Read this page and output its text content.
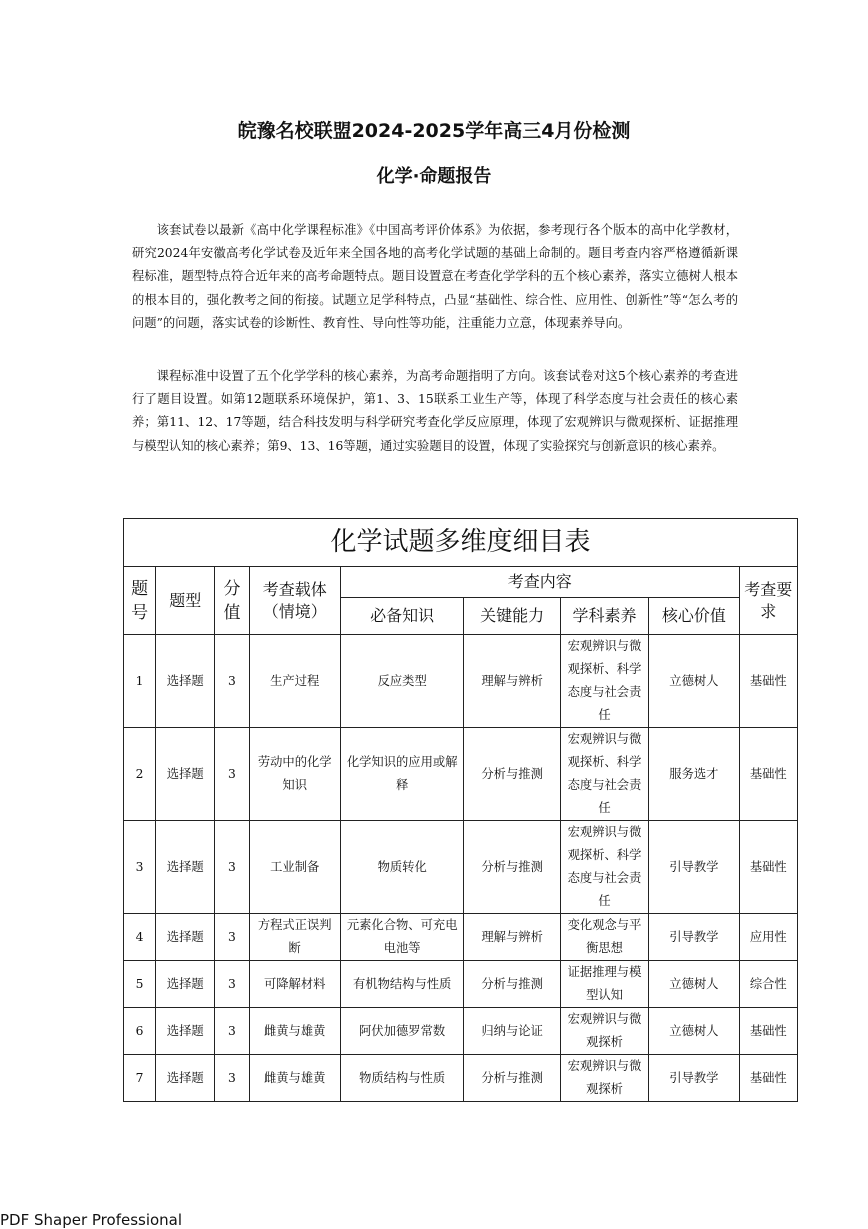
皖豫名校联盟2024-2025学年高三4月份检测
化学·命题报告

该套试卷以最新《高中化学课程标准》《中国高考评价体系》为依据，参考现行各个版本的高中化学教材，研究2024年安徽高考化学试卷及近年来全国各地的高考化学试题的基础上命制的。题目考查内容严格遵循新课程标准，题型特点符合近年来的高考命题特点。题目设置意在考查化学学科的五个核心素养，落实立德树人根本的根本目的，强化教考之间的衔接。试题立足学科特点，凸显“基础性、综合性、应用性、创新性”等“怎么考的问题”的问题，落实试卷的诊断性、教育性、导向性等功能，注重能力立意，体现素养导向。

课程标准中设置了五个化学学科的核心素养，为高考命题指明了方向。该套试卷对这5个核心素养的考查进行了题目设置。如第12题联系环境保护，第1、3、15联系工业生产等，体现了科学态度与社会责任的核心素养；第11、12、17等题，结合科技发明与科学研究考查化学反应原理，体现了宏观辨识与微观探析、证据推理与模型认知的核心素养；第9、13、16等题，通过实验题目的设置，体现了实验探究与创新意识的核心素养。

化学试题多维度细目表								
题号	题型	分值	考查载体（情境）	考查内容				考查要求
				必备知识	关键能力	学科素养	核心价值	
1	选择题	3	生产过程	反应类型	理解与辨析	宏观辨识与微观探析、科学态度与社会责任	立德树人	基础性
2	选择题	3	劳动中的化学知识	化学知识的应用或解释	分析与推测	宏观辨识与微观探析、科学态度与社会责任	服务选才	基础性
3	选择题	3	工业制备	物质转化	分析与推测	宏观辨识与微观探析、科学态度与社会责任	引导教学	基础性
4	选择题	3	方程式正误判断	元素化合物、可充电电池等	理解与辨析	变化观念与平衡思想	引导教学	应用性
5	选择题	3	可降解材料	有机物结构与性质	分析与推测	证据推理与模型认知	立德树人	综合性
6	选择题	3	雌黄与雄黄	阿伏加德罗常数	归纳与论证	宏观辨识与微观探析	立德树人	基础性
7	选择题	3	雌黄与雄黄	物质结构与性质	分析与推测	宏观辨识与微观探析	引导教学	基础性
PDF Shaper Professional
